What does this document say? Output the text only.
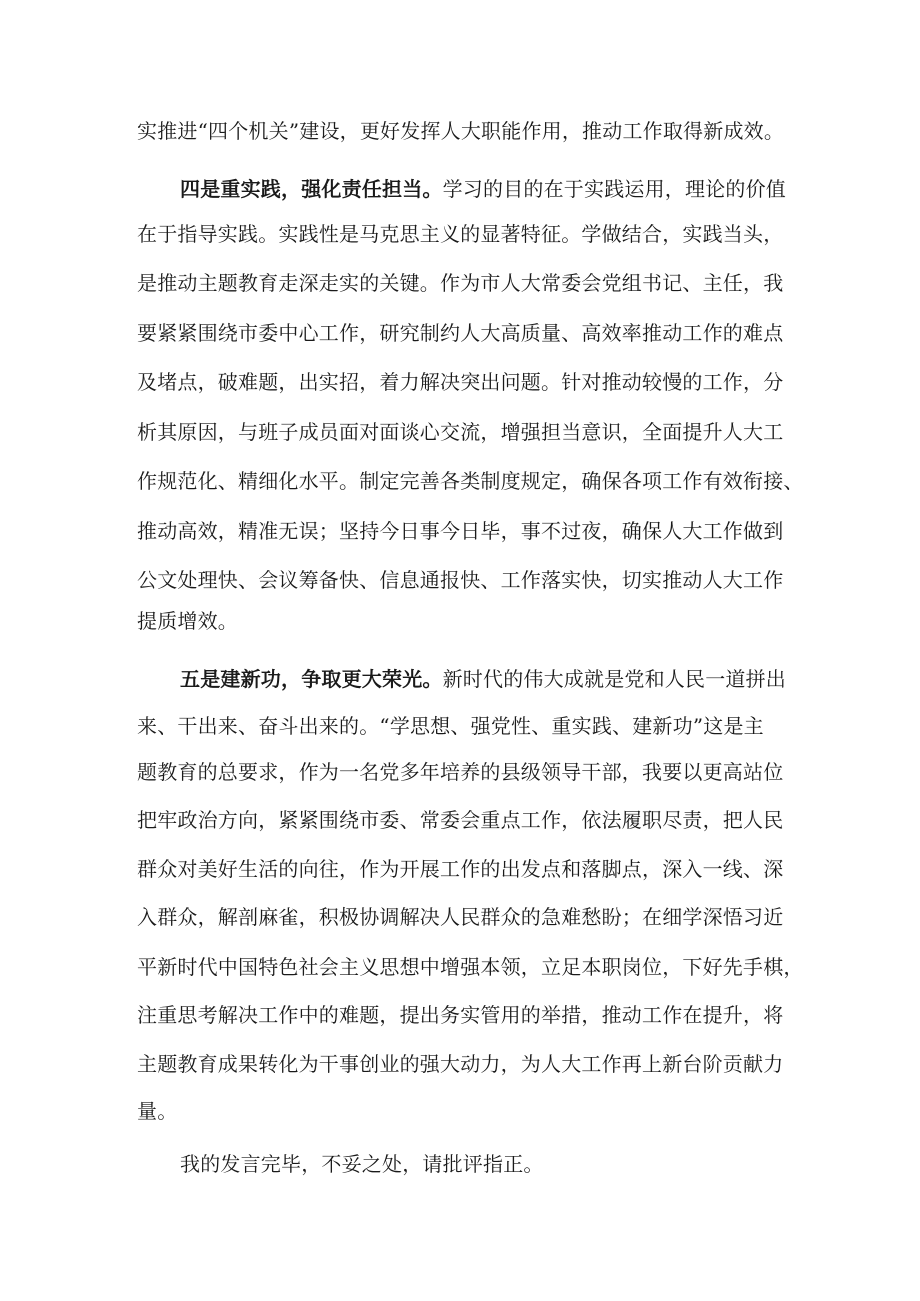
实推进“四个机关”建设，更好发挥人大职能作用，推动工作取得新成效。
四是重实践，强化责任担当。学习的目的在于实践运用，理论的价值
在于指导实践。实践性是马克思主义的显著特征。学做结合，实践当头，
是推动主题教育走深走实的关键。作为市人大常委会党组书记、主任，我
要紧紧围绕市委中心工作，研究制约人大高质量、高效率推动工作的难点
及堵点，破难题，出实招，着力解决突出问题。针对推动较慢的工作，分
析其原因，与班子成员面对面谈心交流，增强担当意识，全面提升人大工
作规范化、精细化水平。制定完善各类制度规定，确保各项工作有效衔接、
推动高效，精准无误；坚持今日事今日毕，事不过夜，确保人大工作做到
公文处理快、会议筹备快、信息通报快、工作落实快，切实推动人大工作
提质增效。
五是建新功，争取更大荣光。新时代的伟大成就是党和人民一道拼出
来、干出来、奋斗出来的。“学思想、强党性、重实践、建新功”这是主
题教育的总要求，作为一名党多年培养的县级领导干部，我要以更高站位
把牢政治方向，紧紧围绕市委、常委会重点工作，依法履职尽责，把人民
群众对美好生活的向往，作为开展工作的出发点和落脚点，深入一线、深
入群众，解剖麻雀，积极协调解决人民群众的急难愁盼；在细学深悟习近
平新时代中国特色社会主义思想中增强本领，立足本职岗位，下好先手棋，
注重思考解决工作中的难题，提出务实管用的举措，推动工作在提升，将
主题教育成果转化为干事创业的强大动力，为人大工作再上新台阶贡献力
量。
我的发言完毕，不妥之处，请批评指正。
